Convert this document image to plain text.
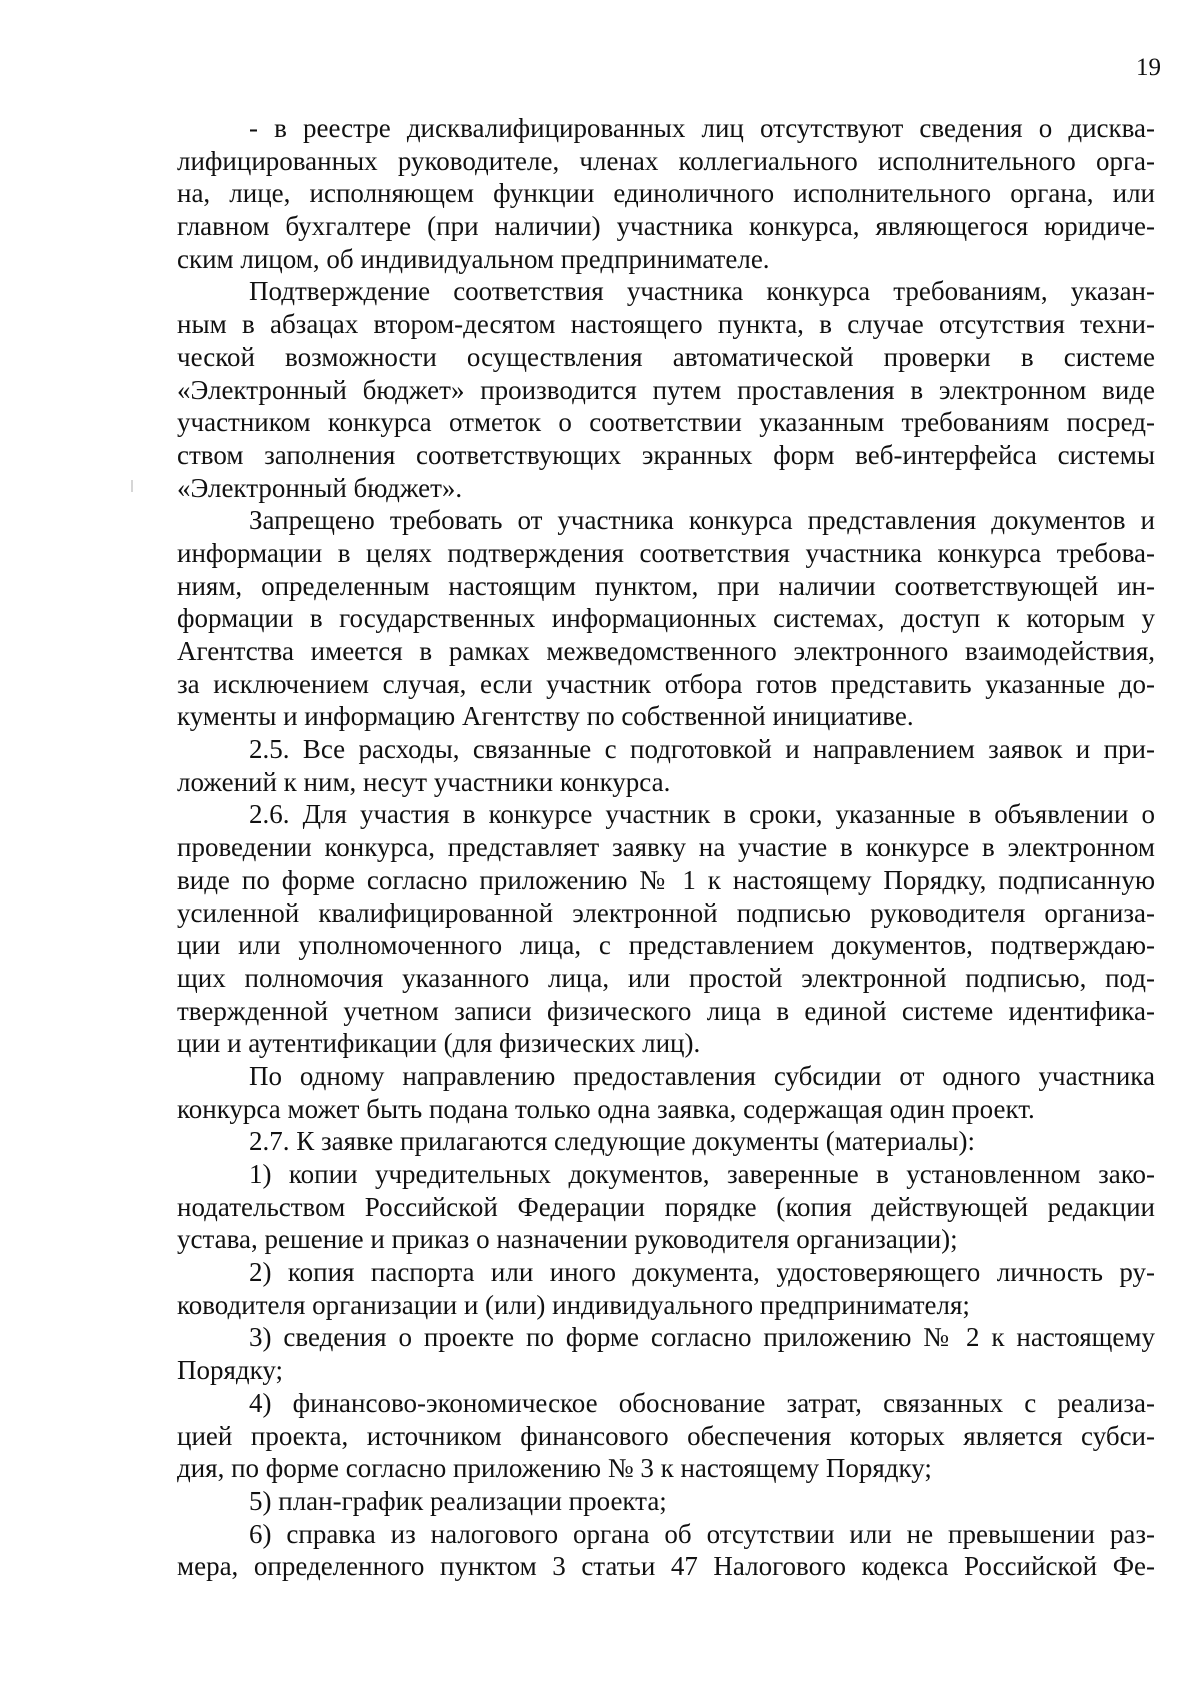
19
- в реестре дисквалифицированных лиц отсутствуют сведения о дисква-
лифицированных руководителе, членах коллегиального исполнительного орга-
на, лице, исполняющем функции единоличного исполнительного органа, или
главном бухгалтере (при наличии) участника конкурса, являющегося юридиче-
ским лицом, об индивидуальном предпринимателе.
Подтверждение соответствия участника конкурса требованиям, указан-
ным в абзацах втором-десятом настоящего пункта, в случае отсутствия техни-
ческой возможности осуществления автоматической проверки в системе
«Электронный бюджет» производится путем проставления в электронном виде
участником конкурса отметок о соответствии указанным требованиям посред-
ством заполнения соответствующих экранных форм веб-интерфейса системы
«Электронный бюджет».
Запрещено требовать от участника конкурса представления документов и
информации в целях подтверждения соответствия участника конкурса требова-
ниям, определенным настоящим пунктом, при наличии соответствующей ин-
формации в государственных информационных системах, доступ к которым у
Агентства имеется в рамках межведомственного электронного взаимодействия,
за исключением случая, если участник отбора готов представить указанные до-
кументы и информацию Агентству по собственной инициативе.
2.5. Все расходы, связанные с подготовкой и направлением заявок и при-
ложений к ним, несут участники конкурса.
2.6. Для участия в конкурсе участник в сроки, указанные в объявлении о
проведении конкурса, представляет заявку на участие в конкурсе в электронном
виде по форме согласно приложению № 1 к настоящему Порядку, подписанную
усиленной квалифицированной электронной подписью руководителя организа-
ции или уполномоченного лица, с представлением документов, подтверждаю-
щих полномочия указанного лица, или простой электронной подписью, под-
твержденной учетном записи физического лица в единой системе идентифика-
ции и аутентификации (для физических лиц).
По одному направлению предоставления субсидии от одного участника
конкурса может быть подана только одна заявка, содержащая один проект.
2.7. К заявке прилагаются следующие документы (материалы):
1) копии учредительных документов, заверенные в установленном зако-
нодательством Российской Федерации порядке (копия действующей редакции
устава, решение и приказ о назначении руководителя организации);
2) копия паспорта или иного документа, удостоверяющего личность ру-
ководителя организации и (или) индивидуального предпринимателя;
3) сведения о проекте по форме согласно приложению № 2 к настоящему
Порядку;
4) финансово-экономическое обоснование затрат, связанных с реализа-
цией проекта, источником финансового обеспечения которых является субси-
дия, по форме согласно приложению № 3 к настоящему Порядку;
5) план-график реализации проекта;
6) справка из налогового органа об отсутствии или не превышении раз-
мера, определенного пунктом 3 статьи 47 Налогового кодекса Российской Фе-
